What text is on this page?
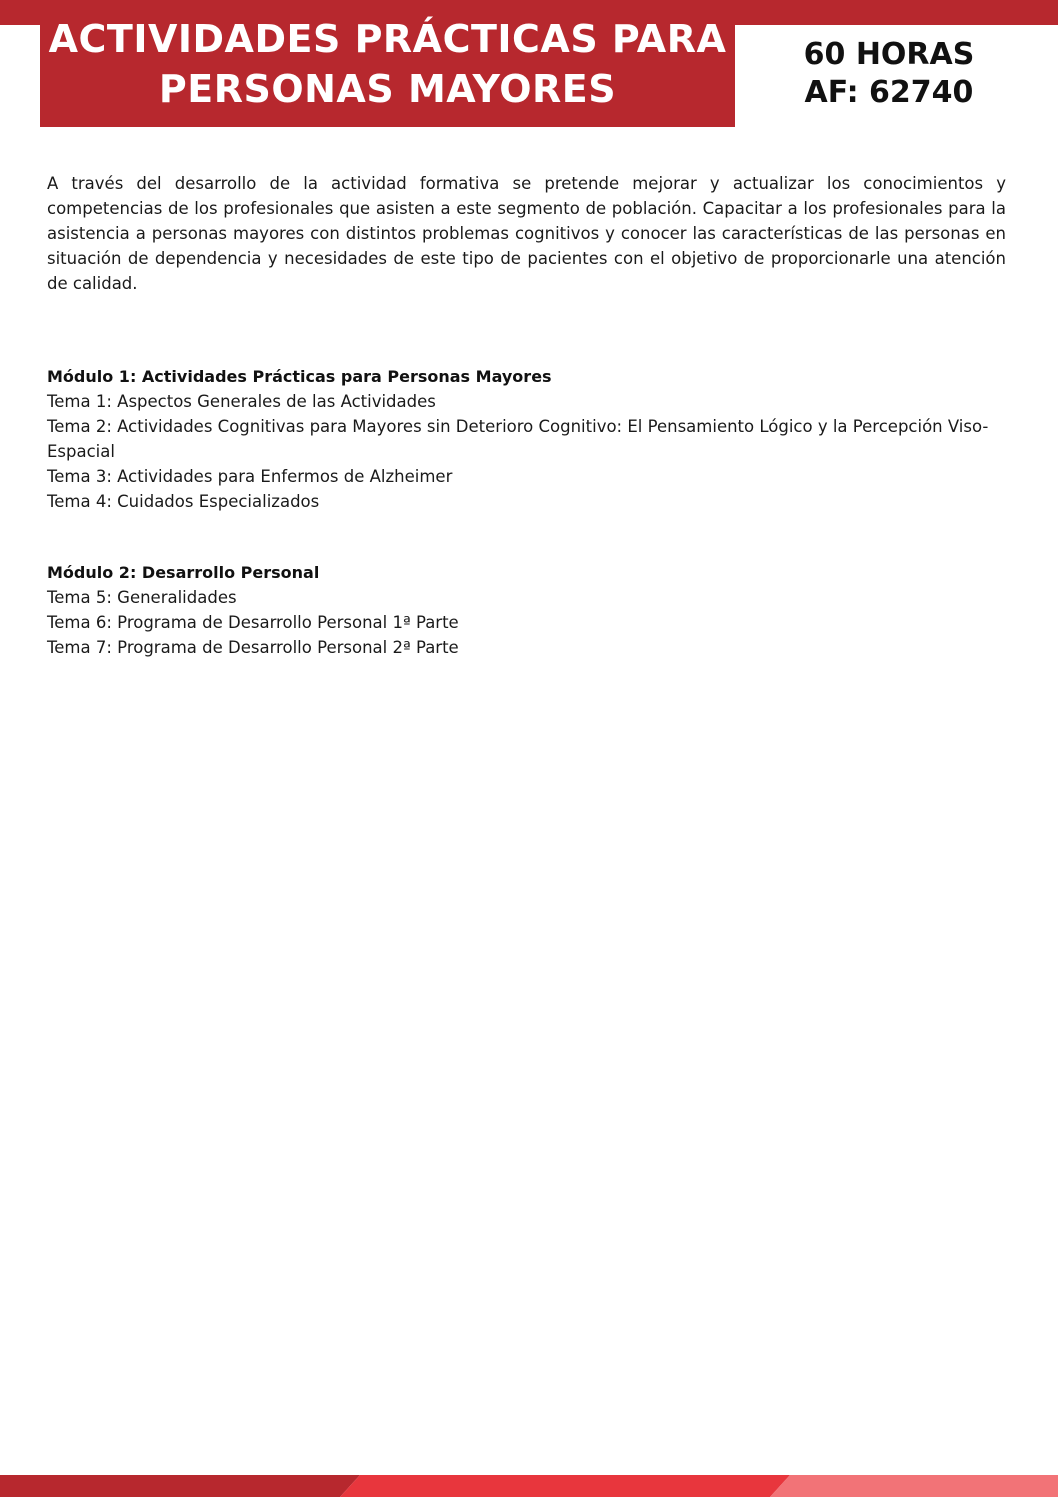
ACTIVIDADES PRÁCTICAS PARA
PERSONAS MAYORES
60 HORAS
AF: 62740

A través del desarrollo de la actividad formativa se pretende mejorar y actualizar los conocimientos y competencias de los profesionales que asisten a este segmento de población. Capacitar a los profesionales para la asistencia a personas mayores con distintos problemas cognitivos y conocer las características de las personas en situación de dependencia y necesidades de este tipo de pacientes con el objetivo de proporcionarle una atención de calidad.

Módulo 1: Actividades Prácticas para Personas Mayores
Tema 1: Aspectos Generales de las Actividades
Tema 2: Actividades Cognitivas para Mayores sin Deterioro Cognitivo: El Pensamiento Lógico y la Percepción Viso-Espacial
Tema 3: Actividades para Enfermos de Alzheimer
Tema 4: Cuidados Especializados
Módulo 2: Desarrollo Personal
Tema 5: Generalidades
Tema 6: Programa de Desarrollo Personal 1ª Parte
Tema 7: Programa de Desarrollo Personal 2ª Parte
